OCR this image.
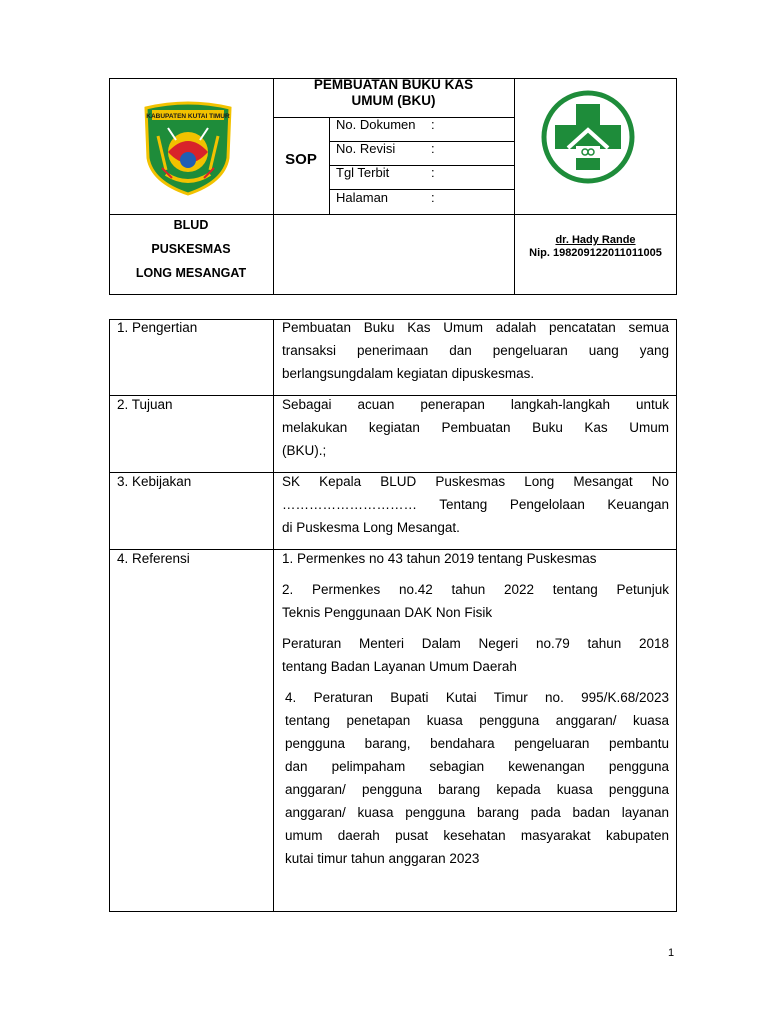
KABUPATEN KUTAI TIMUR
PEMBUATAN BUKU KAS
UMUM (BKU)
SOP
No. Dokumen :
No. Revisi	:
Tgl Terbit	:
Halaman	:
BLUD
PUSKESMAS
LONG MESANGAT
dr. Hady Rande
Nip. 198209122011011005
1. Pengertian	Pembuatan Buku Kas Umum adalah pencatatan semua
transaksi penerimaan dan pengeluaran uang yang
berlangsungdalam kegiatan dipuskesmas.
2. Tujuan	Sebagai acuan penerapan langkah-langkah untuk
melakukan kegiatan Pembuatan Buku Kas Umum
(BKU).;
3. Kebijakan	SK Kepala BLUD Puskesmas Long Mesangat No
………………………… Tentang Pengelolaan Keuangan
di Puskesma Long Mesangat.
4. Referensi	1. Permenkes no 43 tahun 2019 tentang Puskesmas
2. Permenkes no.42 tahun 2022 tentang Petunjuk
Teknis Penggunaan DAK Non Fisik
Peraturan Menteri Dalam Negeri no.79 tahun 2018
tentang Badan Layanan Umum Daerah
4. Peraturan Bupati Kutai Timur no. 995/K.68/2023
tentang penetapan kuasa pengguna anggaran/ kuasa
pengguna barang, bendahara pengeluaran pembantu
dan pelimpaham sebagian kewenangan pengguna
anggaran/ pengguna barang kepada kuasa pengguna
anggaran/ kuasa pengguna barang pada badan layanan
umum daerah pusat kesehatan masyarakat kabupaten
kutai timur tahun anggaran 2023
1
